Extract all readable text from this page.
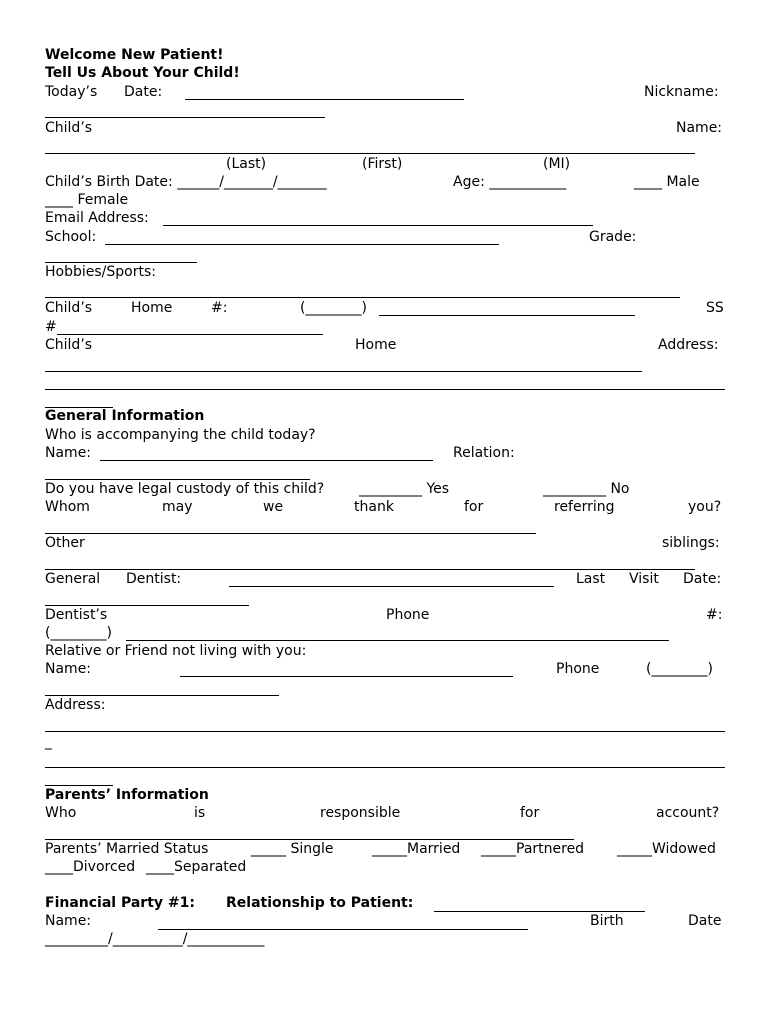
Welcome New Patient!
Tell Us About Your Child!
Today’s Date:	Nickname:
Child’s	Name:
(Last)	(First)	(MI)
Child’s Birth Date: ______/_______/_______	Age: ___________	____ Male
____ Female
Email Address:
School:	Grade:
Hobbies/Sports:
Child’s	Home	#:	(________)	SS
#
Child’s	Home	Address:
General Information
Who is accompanying the child today?
Name:	Relation:
Do you have legal custody of this child? _________ Yes	_________ No
Whom	may	we	thank	for	referring	you?
Other	siblings:
General Dentist:	Last Visit Date:
Dentist’s	Phone	#:
(________)
Relative or Friend not living with you:
Name:	Phone	(________)
Address:
_
Parents’ Information
Who	is	responsible	for	account?
Parents’ Married Status	_____ Single	_____Married _____Partnered _____Widowed
____Divorced ____Separated
Financial Party #1: Relationship to Patient:
Name:	Birth	Date
_________/__________/___________
